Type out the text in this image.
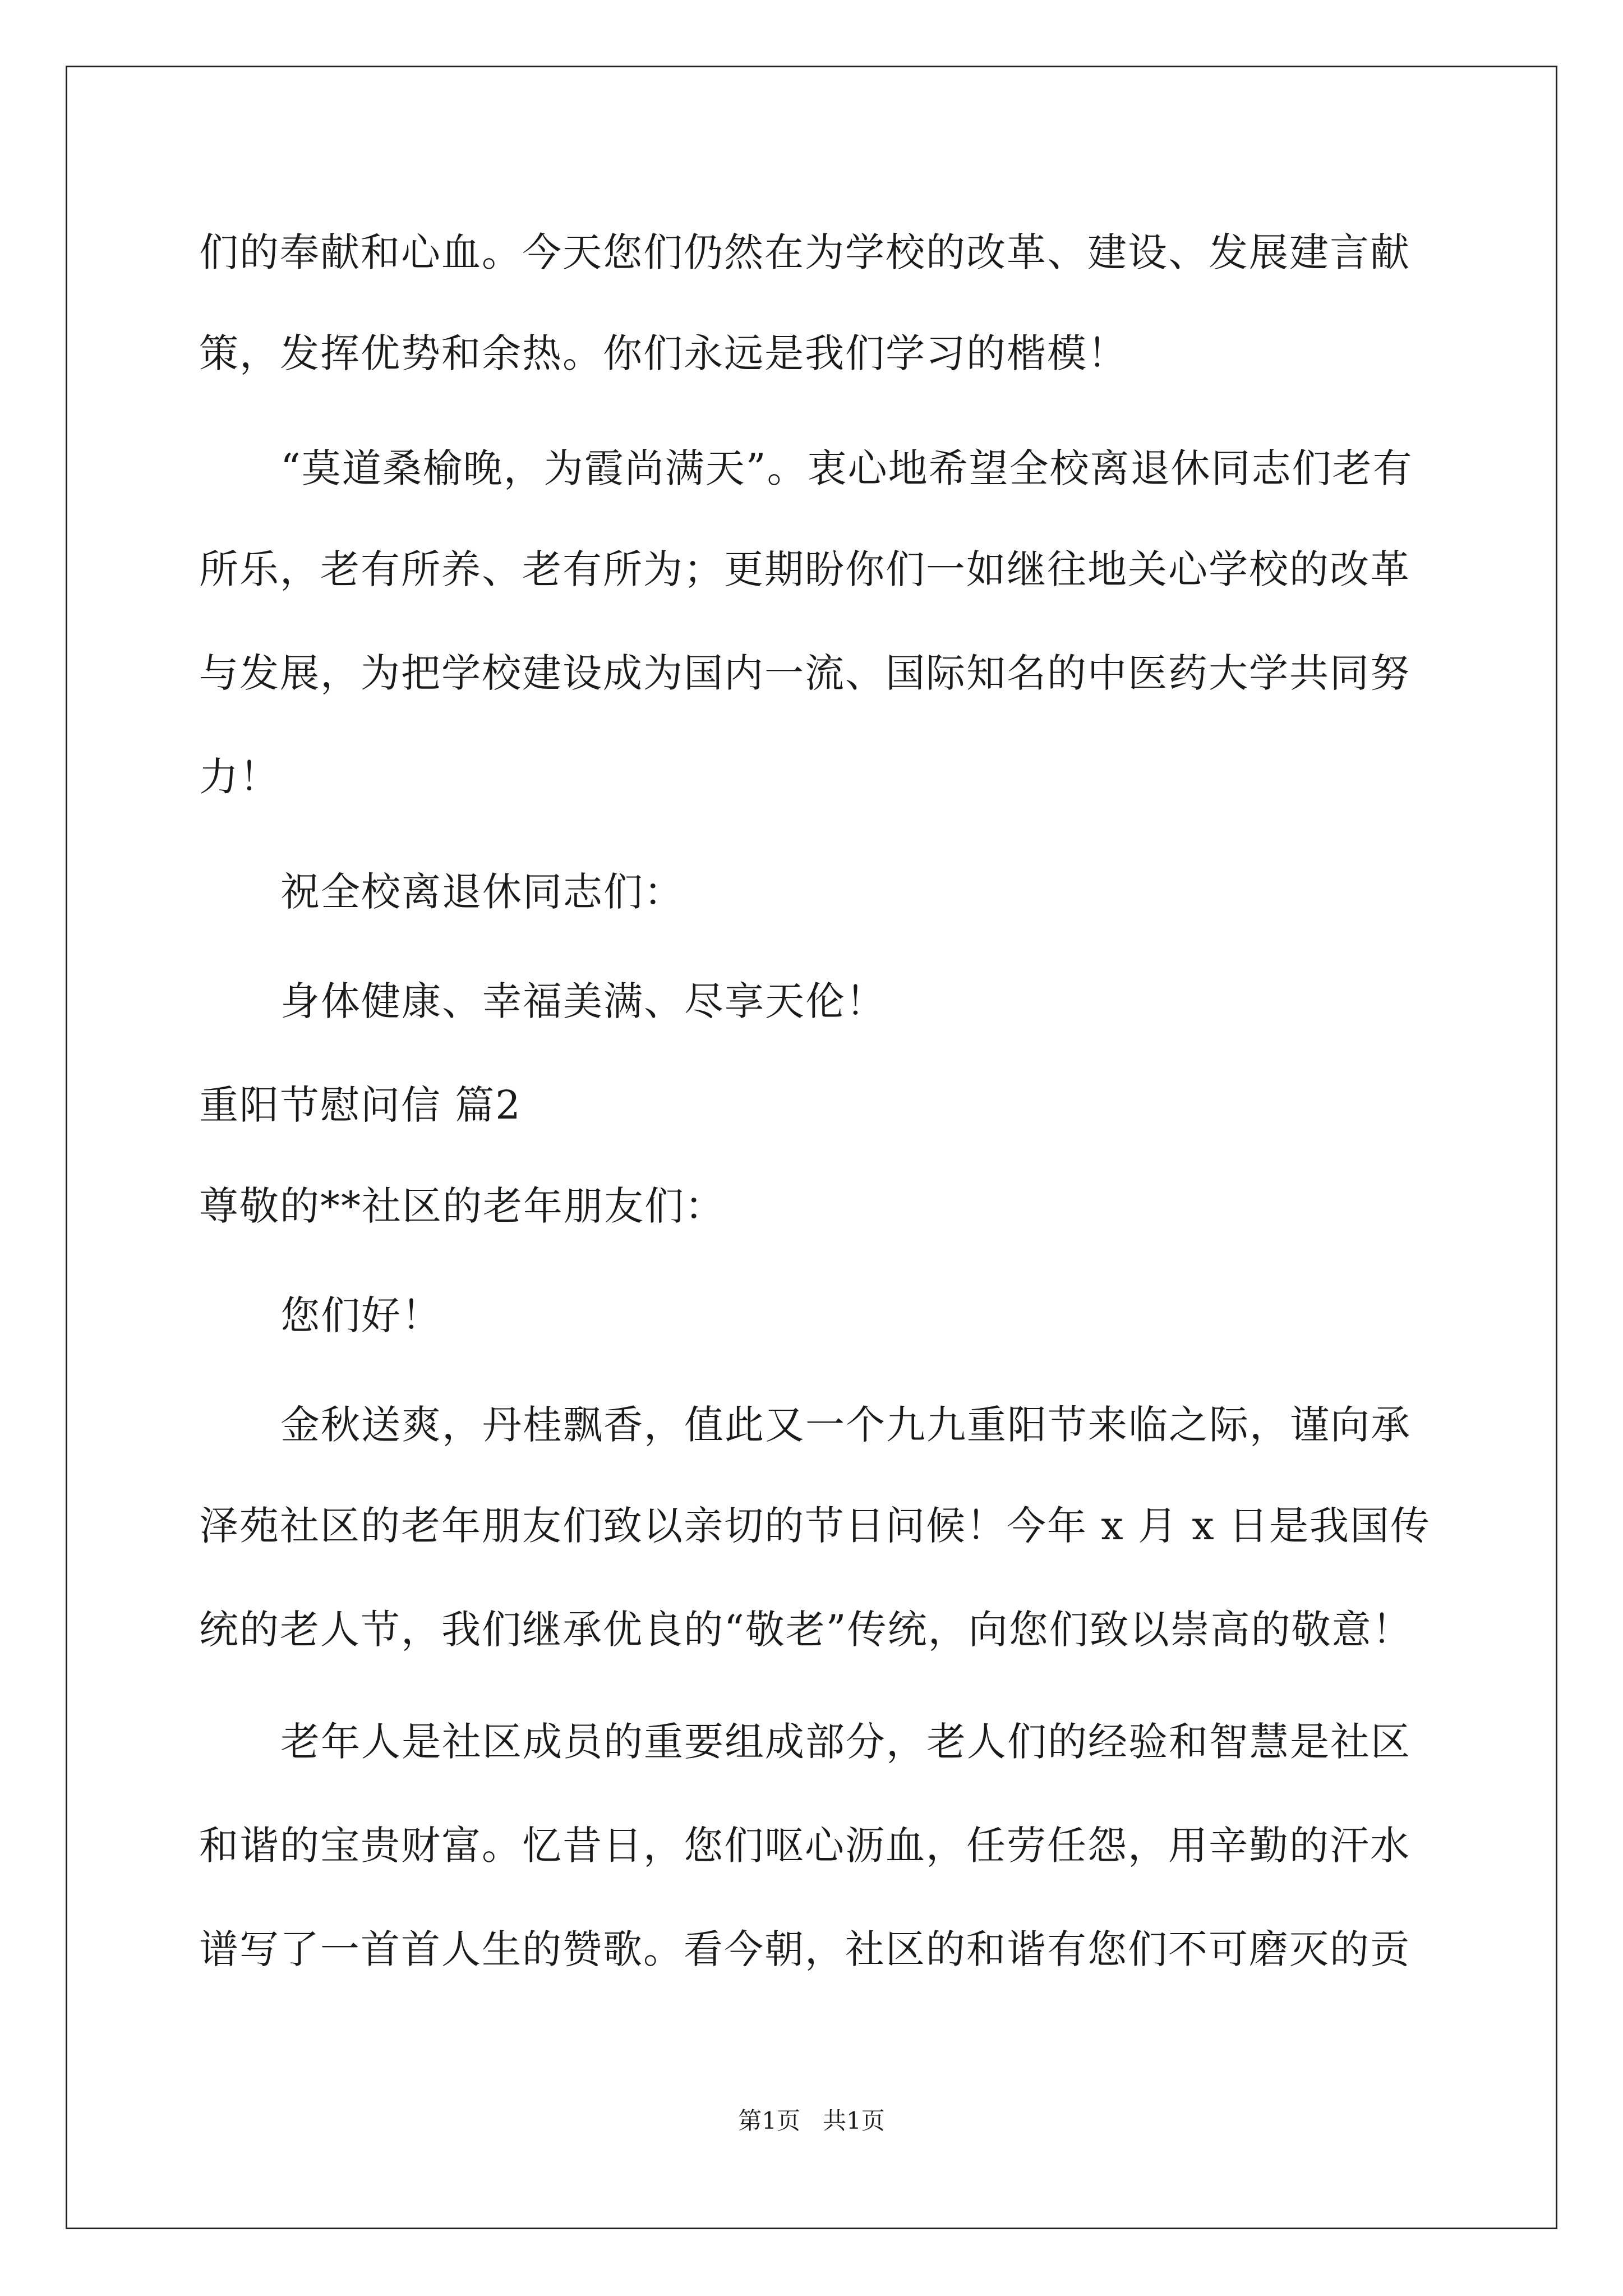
们的奉献和心血。今天您们仍然在为学校的改革、建设、发展建言献
策，发挥优势和余热。你们永远是我们学习的楷模！
“莫道桑榆晚，为霞尚满天”。衷心地希望全校离退休同志们老有
所乐，老有所养、老有所为；更期盼你们一如继往地关心学校的改革
与发展，为把学校建设成为国内一流、国际知名的中医药大学共同努
力！
祝全校离退休同志们：
身体健康、幸福美满、尽享天伦！
重阳节慰问信 篇2
尊敬的**社区的老年朋友们：
您们好！
金秋送爽，丹桂飘香，值此又一个九九重阳节来临之际，谨向承
泽苑社区的老年朋友们致以亲切的节日问候！今年 x 月 x 日是我国传
统的老人节，我们继承优良的“敬老”传统，向您们致以崇高的敬意！
老年人是社区成员的重要组成部分，老人们的经验和智慧是社区
和谐的宝贵财富。忆昔日，您们呕心沥血，任劳任怨，用辛勤的汗水
谱写了一首首人生的赞歌。看今朝，社区的和谐有您们不可磨灭的贡
第1页 共1页
